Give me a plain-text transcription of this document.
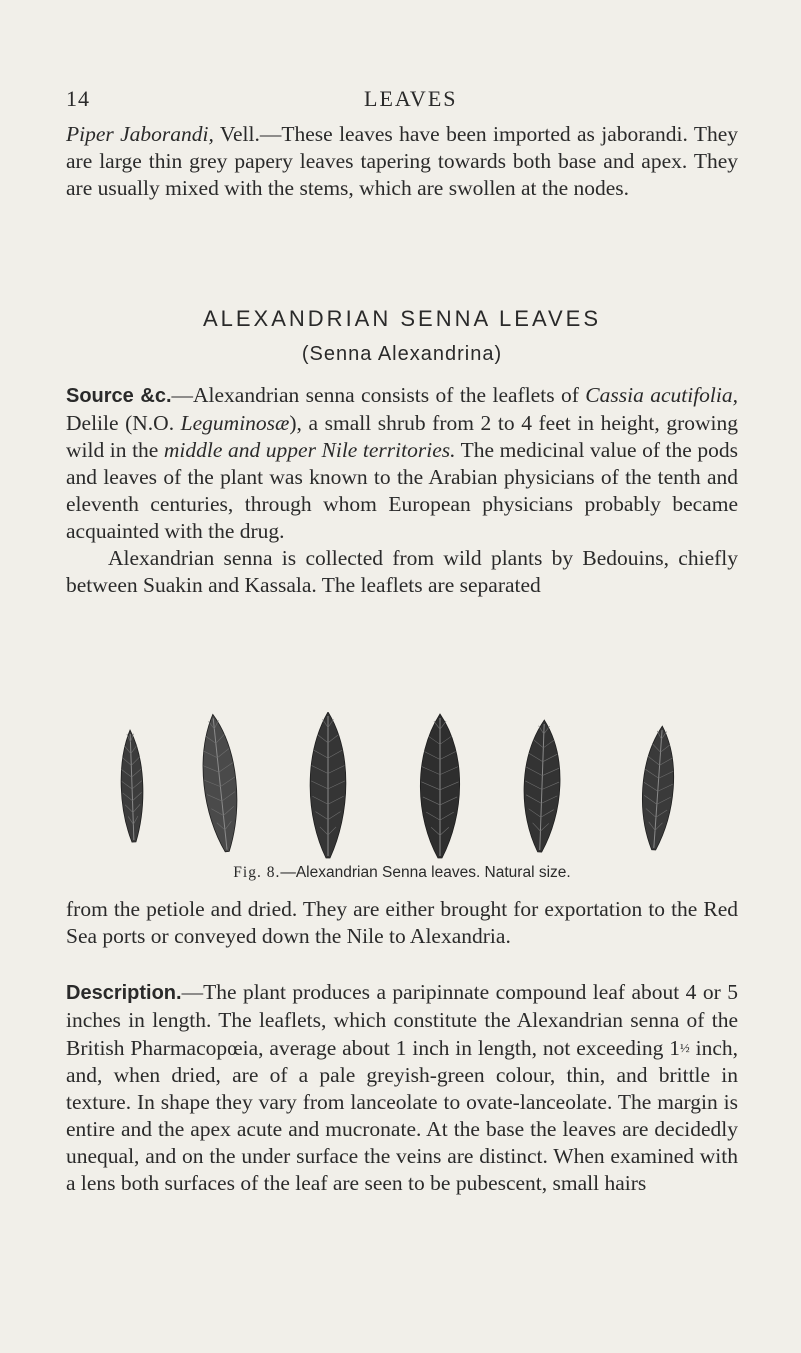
14	LEAVES

Piper Jaborandi, Vell.—These leaves have been imported as jaborandi. They are large thin grey papery leaves tapering towards both base and apex. They are usually mixed with the stems, which are swollen at the nodes.

ALEXANDRIAN SENNA LEAVES
(Senna Alexandrina)

Source &c.—Alexandrian senna consists of the leaflets of Cassia acutifolia, Delile (N.O. Leguminosæ), a small shrub from 2 to 4 feet in height, growing wild in the middle and upper Nile territories. The medicinal value of the pods and leaves of the plant was known to the Arabian physicians of the tenth and eleventh centuries, through whom European physicians probably became acquainted with the drug.

Alexandrian senna is collected from wild plants by Bedouins, chiefly between Suakin and Kassala. The leaflets are separated

Fig. 8.—Alexandrian Senna leaves. Natural size.

from the petiole and dried. They are either brought for exportation to the Red Sea ports or conveyed down the Nile to Alexandria.

Description.—The plant produces a paripinnate compound leaf about 4 or 5 inches in length. The leaflets, which constitute the Alexandrian senna of the British Pharmacopœia, average about 1 inch in length, not exceeding 1½ inch, and, when dried, are of a pale greyish-green colour, thin, and brittle in texture. In shape they vary from lanceolate to ovate-lanceolate. The margin is entire and the apex acute and mucronate. At the base the leaves are decidedly unequal, and on the under surface the veins are distinct. When examined with a lens both surfaces of the leaf are seen to be pubescent, small hairs
